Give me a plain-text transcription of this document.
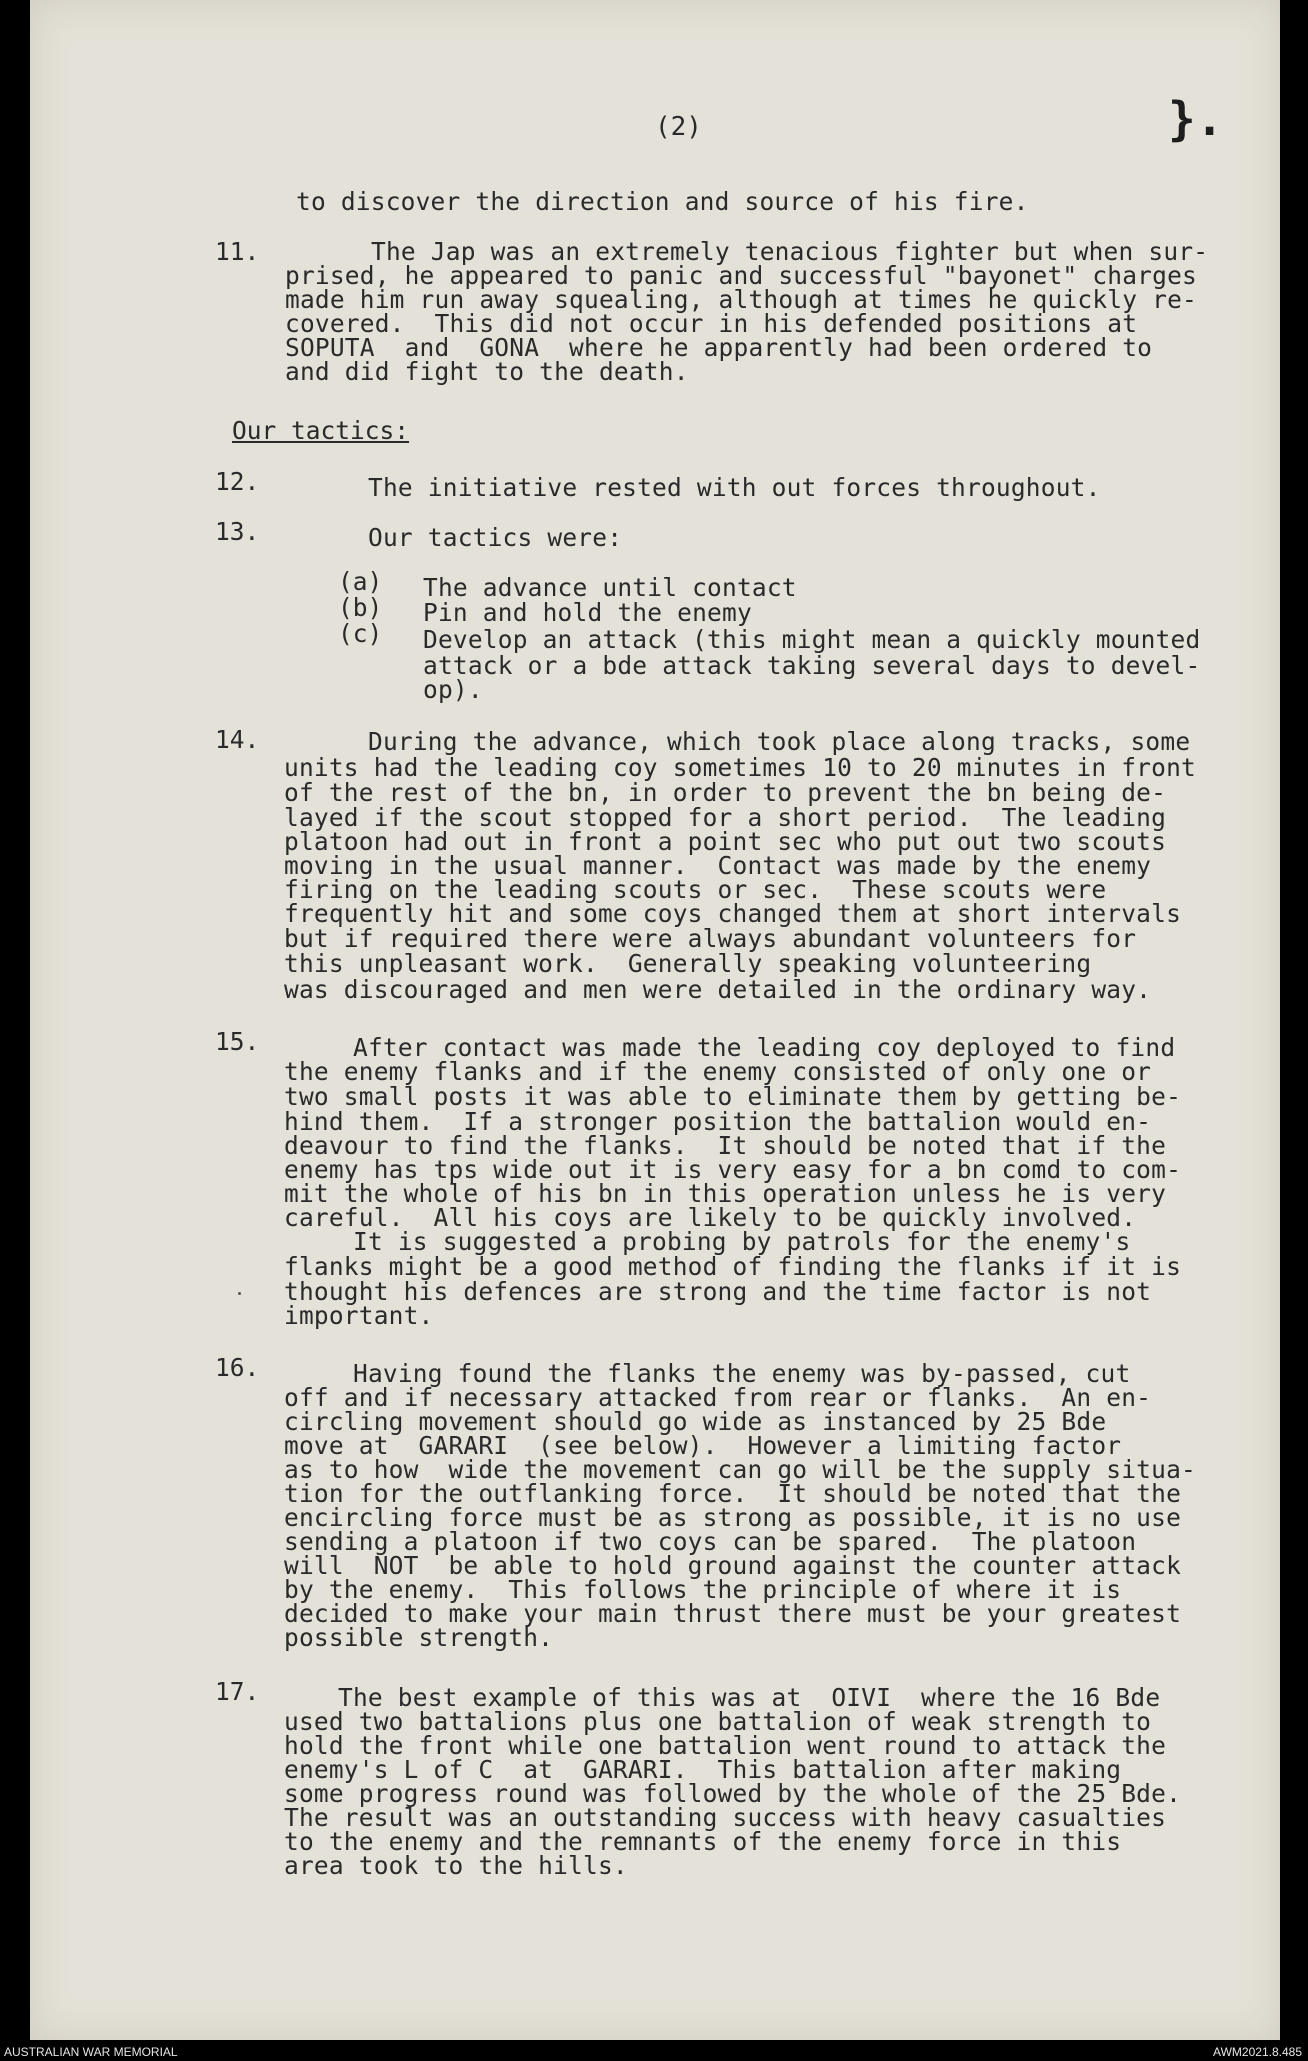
(2)	}.
to discover the direction and source of his fire.
11.	The Jap was an extremely tenacious fighter but when sur-
prised, he appeared to panic and successful "bayonet" charges
made him run away squealing, although at times he quickly re-
covered.  This did not occur in his defended positions at
SOPUTA  and  GONA  where he apparently had been ordered to
and did fight to the death.
Our tactics:
12.	The initiative rested with out forces throughout.
13.	Our tactics were:
(a) The advance until contact
(b) Pin and hold the enemy
(c) Develop an attack (this might mean a quickly mounted
attack or a bde attack taking several days to devel-
op).
14.	During the advance, which took place along tracks, some
units had the leading coy sometimes 10 to 20 minutes in front
of the rest of the bn, in order to prevent the bn being de-
layed if the scout stopped for a short period.  The leading
platoon had out in front a point sec who put out two scouts
moving in the usual manner.  Contact was made by the enemy
firing on the leading scouts or sec.  These scouts were
frequently hit and some coys changed them at short intervals
but if required there were always abundant volunteers for
this unpleasant work.  Generally speaking volunteering
was discouraged and men were detailed in the ordinary way.
15.	After contact was made the leading coy deployed to find
the enemy flanks and if the enemy consisted of only one or
two small posts it was able to eliminate them by getting be-
hind them.  If a stronger position the battalion would en-
deavour to find the flanks.  It should be noted that if the
enemy has tps wide out it is very easy for a bn comd to com-
mit the whole of his bn in this operation unless he is very
careful.  All his coys are likely to be quickly involved.
It is suggested a probing by patrols for the enemy's
flanks might be a good method of finding the flanks if it is
thought his defences are strong and the time factor is not
important.
16.	Having found the flanks the enemy was by-passed, cut
off and if necessary attacked from rear or flanks.  An en-
circling movement should go wide as instanced by 25 Bde
move at  GARARI  (see below).  However a limiting factor
as to how  wide the movement can go will be the supply situa-
tion for the outflanking force.  It should be noted that the
encircling force must be as strong as possible, it is no use
sending a platoon if two coys can be spared.  The platoon
will  NOT  be able to hold ground against the counter attack
by the enemy.  This follows the principle of where it is
decided to make your main thrust there must be your greatest
possible strength.
17.	The best example of this was at  OIVI  where the 16 Bde
used two battalions plus one battalion of weak strength to
hold the front while one battalion went round to attack the
enemy's L of C  at  GARARI.  This battalion after making
some progress round was followed by the whole of the 25 Bde.
The result was an outstanding success with heavy casualties
to the enemy and the remnants of the enemy force in this
area took to the hills.
AUSTRALIAN WAR MEMORIAL	AWM2021.8.485
